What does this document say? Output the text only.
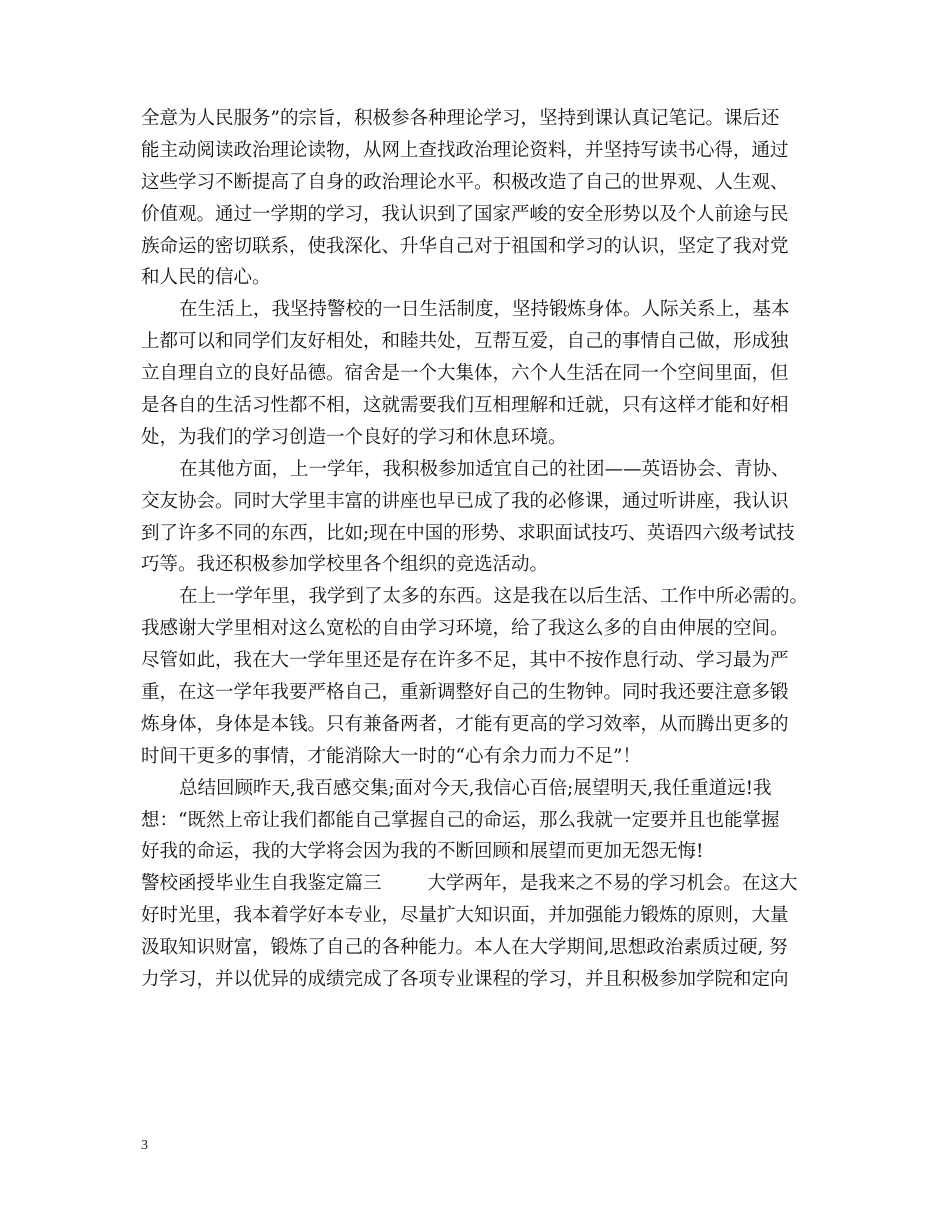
全意为人民服务”的宗旨，积极参各种理论学习，坚持到课认真记笔记。课后还
能主动阅读政治理论读物，从网上查找政治理论资料，并坚持写读书心得，通过
这些学习不断提高了自身的政治理论水平。积极改造了自己的世界观、人生观、
价值观。通过一学期的学习，我认识到了国家严峻的安全形势以及个人前途与民
族命运的密切联系，使我深化、升华自己对于祖国和学习的认识，坚定了我对党
和人民的信心。
在生活上，我坚持警校的一日生活制度，坚持锻炼身体。人际关系上，基本
上都可以和同学们友好相处，和睦共处，互帮互爱，自己的事情自己做，形成独
立自理自立的良好品德。宿舍是一个大集体，六个人生活在同一个空间里面，但
是各自的生活习性都不相，这就需要我们互相理解和迁就，只有这样才能和好相
处，为我们的学习创造一个良好的学习和休息环境。
在其他方面，上一学年，我积极参加适宜自己的社团——英语协会、青协、
交友协会。同时大学里丰富的讲座也早已成了我的必修课，通过听讲座，我认识
到了许多不同的东西，比如;现在中国的形势、求职面试技巧、英语四六级考试技
巧等。我还积极参加学校里各个组织的竞选活动。
在上一学年里，我学到了太多的东西。这是我在以后生活、工作中所必需的。
我感谢大学里相对这么宽松的自由学习环境，给了我这么多的自由伸展的空间。
尽管如此，我在大一学年里还是存在许多不足，其中不按作息行动、学习最为严
重，在这一学年我要严格自己，重新调整好自己的生物钟。同时我还要注意多锻
炼身体，身体是本钱。只有兼备两者，才能有更高的学习效率，从而腾出更多的
时间干更多的事情，才能消除大一时的“心有余力而力不足”！
总结回顾昨天,我百感交集;面对今天,我信心百倍;展望明天,我任重道远!我
想：“既然上帝让我们都能自己掌握自己的命运，那么我就一定要并且也能掌握
好我的命运，我的大学将会因为我的不断回顾和展望而更加无怨无悔!
警校函授毕业生自我鉴定篇三 大学两年，是我来之不易的学习机会。在这大
好时光里，我本着学好本专业，尽量扩大知识面，并加强能力锻炼的原则，大量
汲取知识财富，锻炼了自己的各种能力。本人在大学期间,思想政治素质过硬, 努
力学习，并以优异的成绩完成了各项专业课程的学习，并且积极参加学院和定向
3
